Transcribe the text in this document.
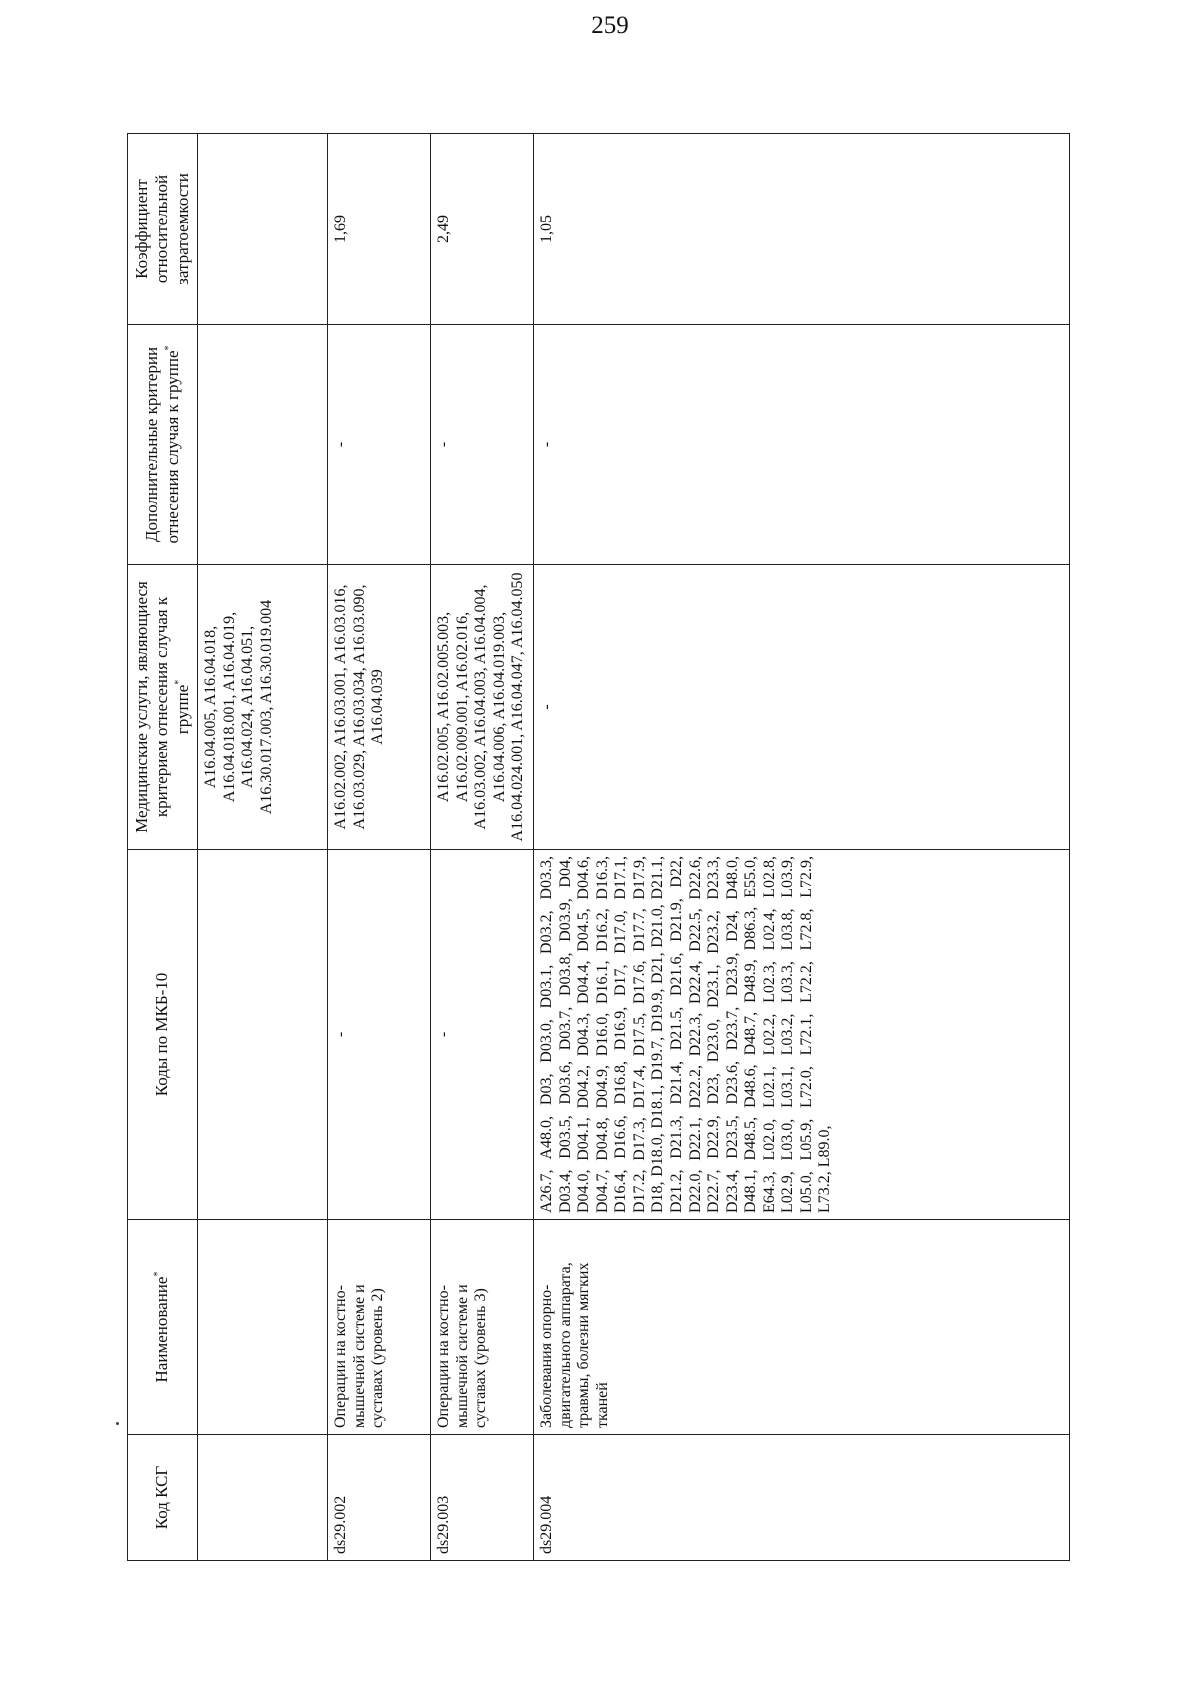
259
Код КСГ	Наименование*	Коды по МКБ-10	Медицинские услуги, являющиеся критерием отнесения случая к группе*	Дополнительные критерии отнесения случая к группе*	Коэффициент относительной затратоемкости
			A16.04.005, A16.04.018, A16.04.018.001, A16.04.019, A16.04.024, A16.04.051, A16.30.017.003, A16.30.019.004		
ds29.002	Операции на костно-мышечной системе и суставах (уровень 2)	-	A16.02.002, A16.03.001, A16.03.016, A16.03.029, A16.03.034, A16.03.090, A16.04.039	-	1,69
ds29.003	Операции на костно-мышечной системе и суставах (уровень 3)	-	A16.02.005, A16.02.005.003, A16.02.009.001, A16.02.016, A16.03.002, A16.04.003, A16.04.004, A16.04.006, A16.04.019.003, A16.04.024.001, A16.04.047, A16.04.050	-	2,49
ds29.004	Заболевания опорно-двигательного аппарата, травмы, болезни мягких тканей	A26.7, A48.0, D03, D03.0, D03.1, D03.2, D03.3, D03.4, D03.5, D03.6, D03.7, D03.8, D03.9, D04, D04.0, D04.1, D04.2, D04.3, D04.4, D04.5, D04.6, D04.7, D04.8, D04.9, D16.0, D16.1, D16.2, D16.3, D16.4, D16.6, D16.8, D16.9, D17, D17.0, D17.1, D17.2, D17.3, D17.4, D17.5, D17.6, D17.7, D17.9, D18, D18.0, D18.1, D19.7, D19.9, D21, D21.0, D21.1, D21.2, D21.3, D21.4, D21.5, D21.6, D21.9, D22, D22.0, D22.1, D22.2, D22.3, D22.4, D22.5, D22.6, D22.7, D22.9, D23, D23.0, D23.1, D23.2, D23.3, D23.4, D23.5, D23.6, D23.7, D23.9, D24, D48.0, D48.1, D48.5, D48.6, D48.7, D48.9, D86.3, E55.0, E64.3, L02.0, L02.1, L02.2, L02.3, L02.4, L02.8, L02.9, L03.0, L03.1, L03.2, L03.3, L03.8, L03.9, L05.0, L05.9, L72.0, L72.1, L72.2, L72.8, L72.9, L73.2, L89.0,	-	-	1,05
